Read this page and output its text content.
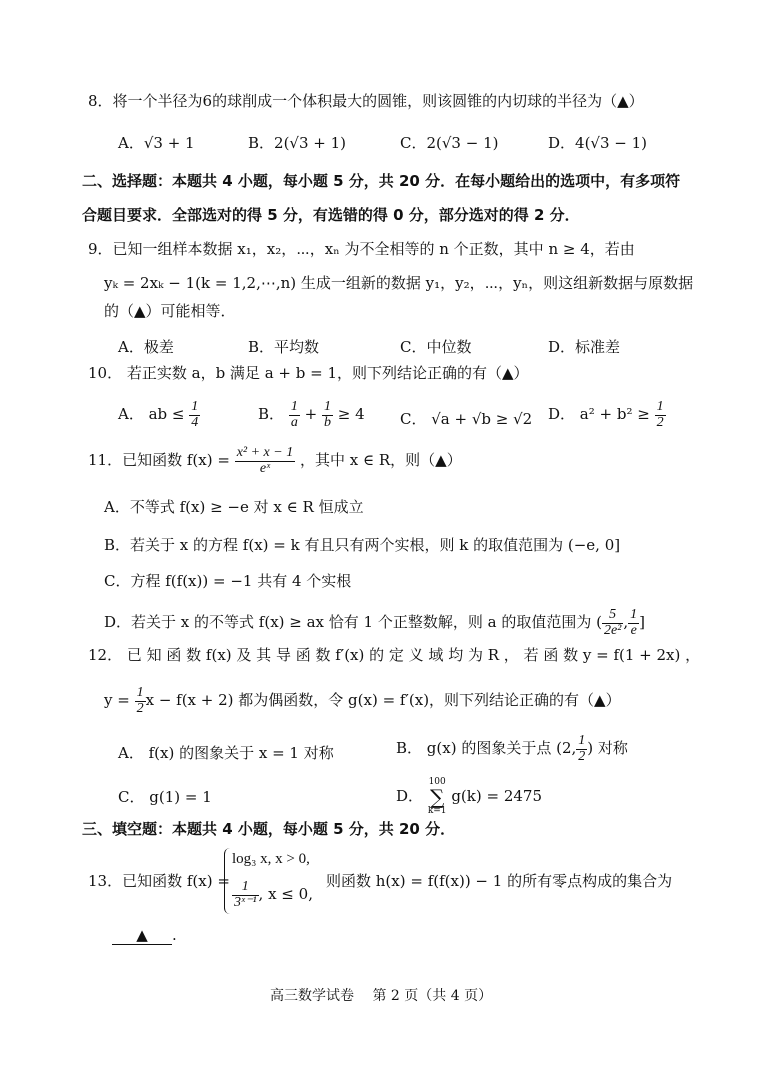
8．将一个半径为6的球削成一个体积最大的圆锥，则该圆锥的内切球的半径为（▲）
A．√3 + 1	B．2(√3 + 1)	C．2(√3 − 1)	D．4(√3 − 1)
二、选择题：本题共 4 小题，每小题 5 分，共 20 分．在每小题给出的选项中，有多项符
合题目要求．全部选对的得 5 分，有选错的得 0 分，部分选对的得 2 分．
9．已知一组样本数据 x₁，x₂，⋯，xₙ 为不全相等的 n 个正数，其中 n ≥ 4，若由
yₖ = 2xₖ − 1(k = 1,2,⋯,n) 生成一组新的数据 y₁，y₂，⋯，yₙ，则这组新数据与原数据
的（▲）可能相等．
A．极差	B．平均数	C．中位数	D．标准差
10． 若正实数 a，b 满足 a + b = 1，则下列结论正确的有（▲）
A． ab ≤ $\frac{1}{4}$	B． $\frac{1}{a} + \frac{1}{b} \ge 4$ C． √a + √b ≥ √2 D． $a^2 + b^2 \ge \frac{1}{2}$
11．已知函数 $f(x) = \frac{\text{x² + x − 1}}{\text{eˣ}}$ ，其中 x ∈ R，则（▲）
A．不等式 f(x) ≥ −e 对 x ∈ R 恒成立
B．若关于 x 的方程 f(x) = k 有且只有两个实根，则 k 的取值范围为 (−e, 0]
C．方程 f(f(x)) = −1 共有 4 个实根
D．若关于 x 的不等式 f(x) ≥ ax 恰有 1 个正整数解，则 a 的取值范围为 ( $\frac{5}{\text{2e²}}$ , $\frac{1}{e}$ ]
12． 已 知 函 数 f(x) 及 其 导 函 数 f′(x) 的 定 义 域 均 为 R ， 若 函 数 y = f(1 + 2x) ，
$y = \frac{1}{2}$ x − f(x + 2) 都为偶函数，令 g(x) = f′(x)，则下列结论正确的有（▲）
A． f(x) 的图象关于 x = 1 对称	B． g(x) 的图象关于点 (2, $\frac{1}{2}$ ) 对称
C． g(1) = 1	D．
100
∑
k=1
g(k) = 2475
三、填空题：本题共 4 小题，每小题 5 分，共 20 分．
13．已知函数 f(x) =
log₃ x, x > 0,
$\frac{1}{\text{3ˣ⁻¹}}$ , x ≤ 0,
则函数 h(x) = f(f(x)) − 1 的所有零点构成的集合为
▲ .
高三数学试卷　 第 2 页（共 4 页）
